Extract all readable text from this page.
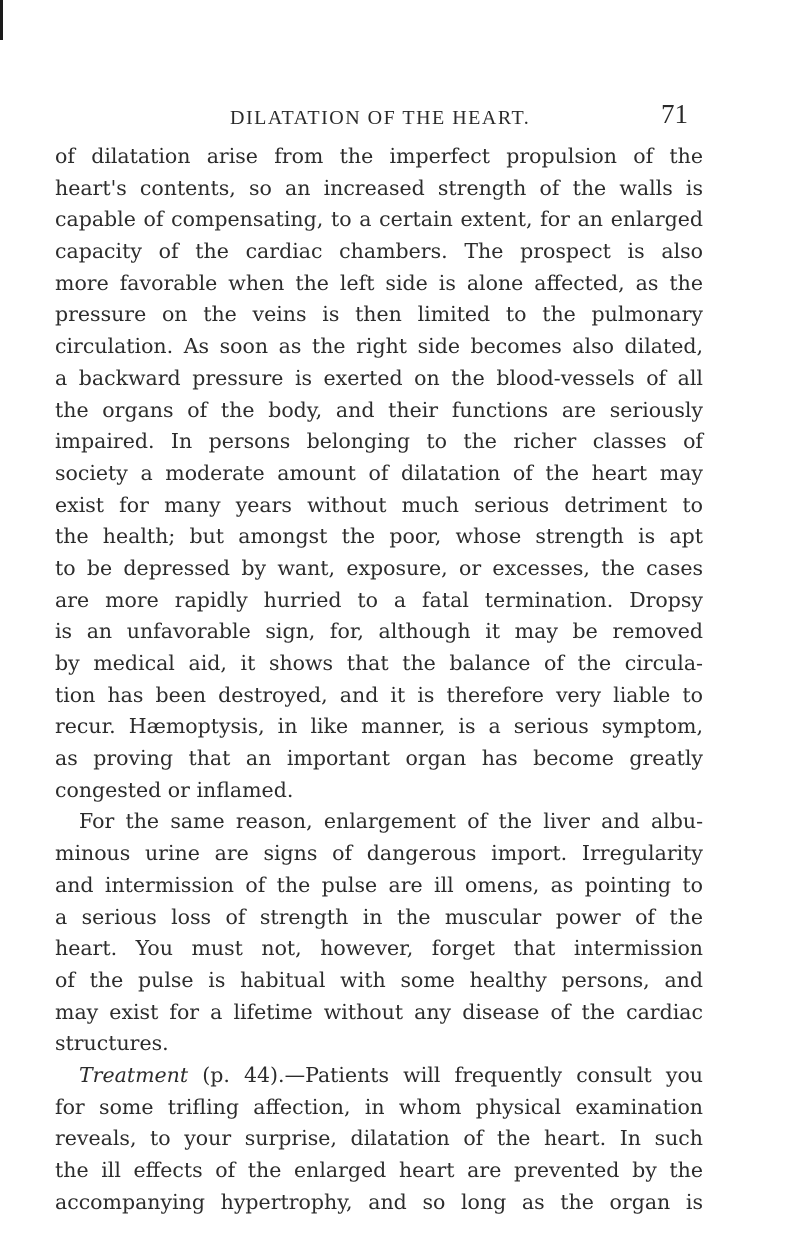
DILATATION OF THE HEART.	71
of dilatation arise from the imperfect propulsion of the
heart's contents, so an increased strength of the walls is
capable of compensating, to a certain extent, for an enlarged
capacity of the cardiac chambers. The prospect is also
more favorable when the left side is alone affected, as the
pressure on the veins is then limited to the pulmonary
circulation. As soon as the right side becomes also dilated,
a backward pressure is exerted on the blood-vessels of all
the organs of the body, and their functions are seriously
impaired. In persons belonging to the richer classes of
society a moderate amount of dilatation of the heart may
exist for many years without much serious detriment to
the health; but amongst the poor, whose strength is apt
to be depressed by want, exposure, or excesses, the cases
are more rapidly hurried to a fatal termination. Dropsy
is an unfavorable sign, for, although it may be removed
by medical aid, it shows that the balance of the circula-
tion has been destroyed, and it is therefore very liable to
recur. Hæmoptysis, in like manner, is a serious symptom,
as proving that an important organ has become greatly
congested or inflamed.
For the same reason, enlargement of the liver and albu-
minous urine are signs of dangerous import. Irregularity
and intermission of the pulse are ill omens, as pointing to
a serious loss of strength in the muscular power of the
heart. You must not, however, forget that intermission
of the pulse is habitual with some healthy persons, and
may exist for a lifetime without any disease of the cardiac
structures.
Treatment (p. 44).—Patients will frequently consult you
for some trifling affection, in whom physical examination
reveals, to your surprise, dilatation of the heart. In such
the ill effects of the enlarged heart are prevented by the
accompanying hypertrophy, and so long as the organ is
